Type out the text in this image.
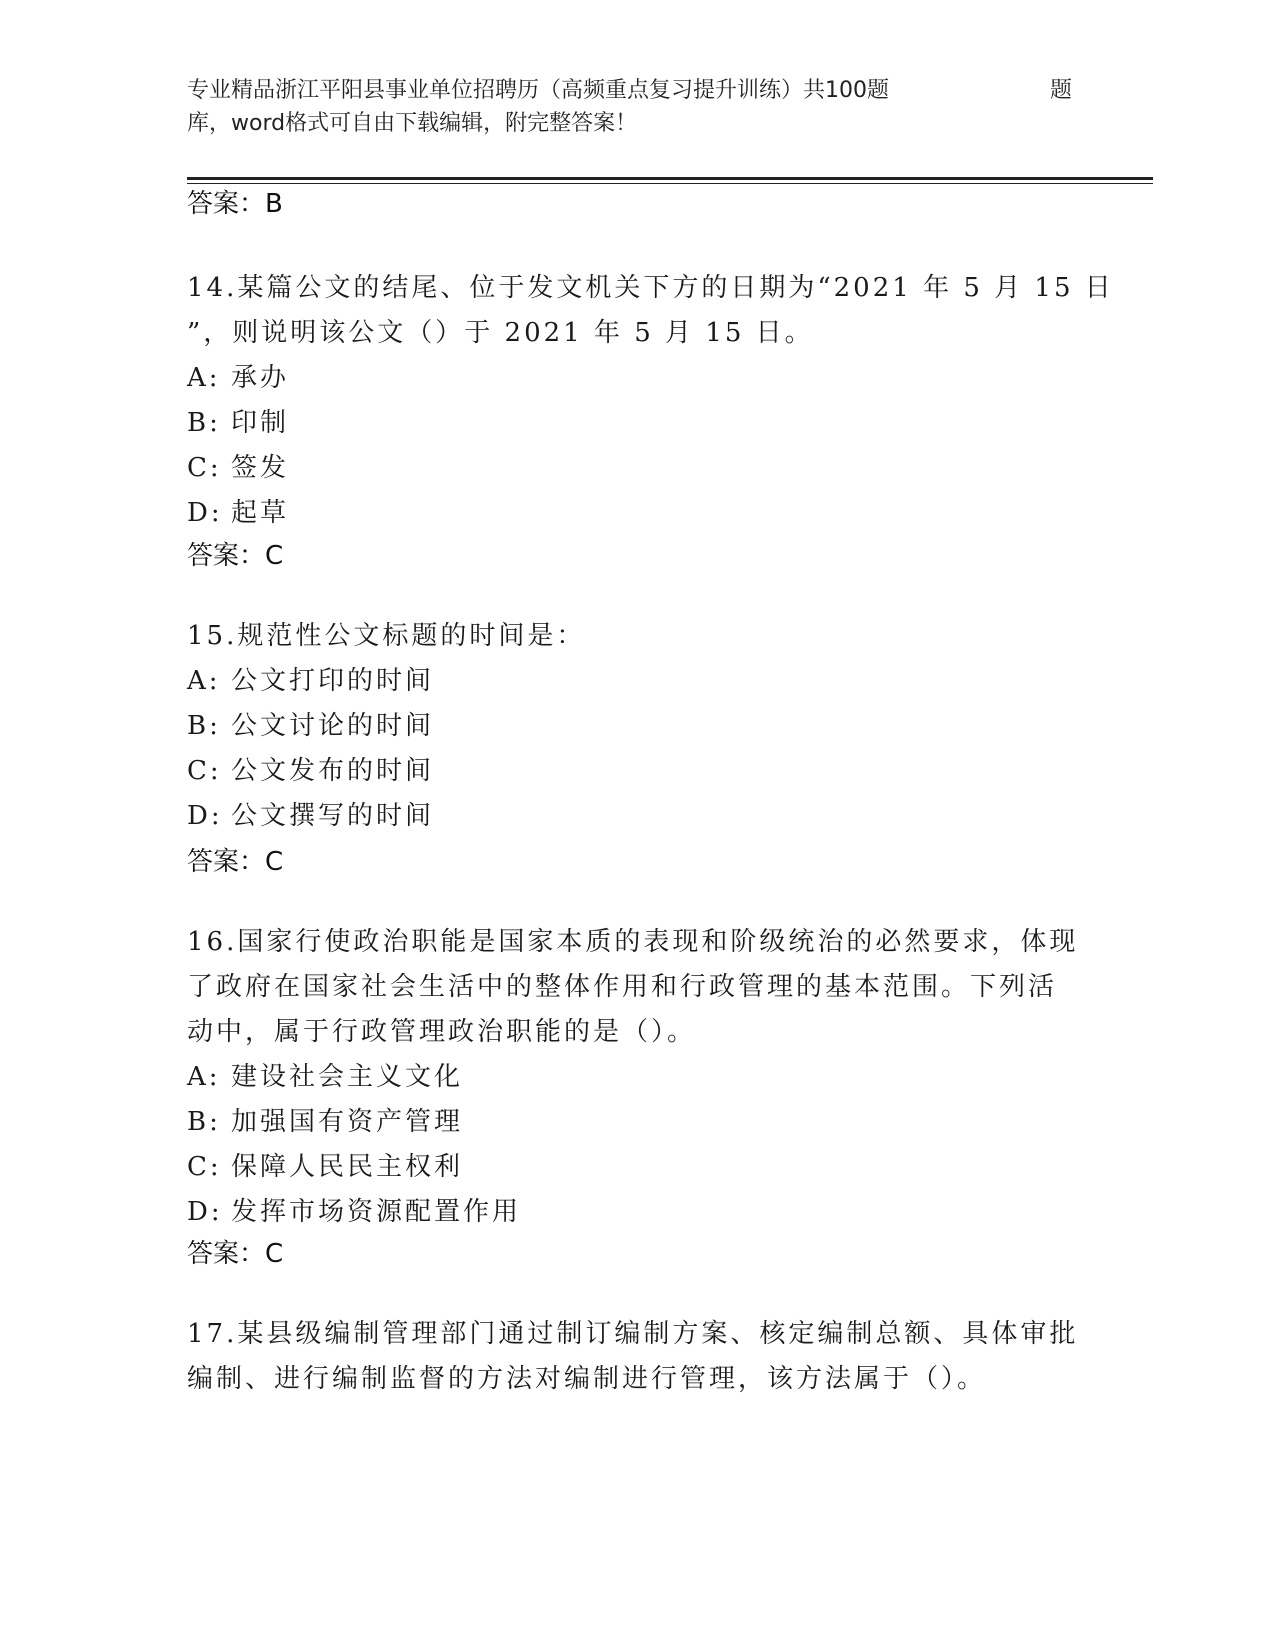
专业精品浙江平阳县事业单位招聘历（高频重点复习提升训练）共100题	题
库，word格式可自由下载编辑，附完整答案！
答案：B
14.某篇公文的结尾、位于发文机关下方的日期为“2021 年 5 月 15 日
”，则说明该公文（）于 2021 年 5 月 15 日。
A: 承办
B: 印制
C: 签发
D: 起草
答案：C
15.规范性公文标题的时间是：
A: 公文打印的时间
B: 公文讨论的时间
C: 公文发布的时间
D: 公文撰写的时间
答案：C
16.国家行使政治职能是国家本质的表现和阶级统治的必然要求，体现
了政府在国家社会生活中的整体作用和行政管理的基本范围。下列活
动中，属于行政管理政治职能的是（）。
A: 建设社会主义文化
B: 加强国有资产管理
C: 保障人民民主权利
D: 发挥市场资源配置作用
答案：C
17.某县级编制管理部门通过制订编制方案、核定编制总额、具体审批
编制、进行编制监督的方法对编制进行管理，该方法属于（）。
